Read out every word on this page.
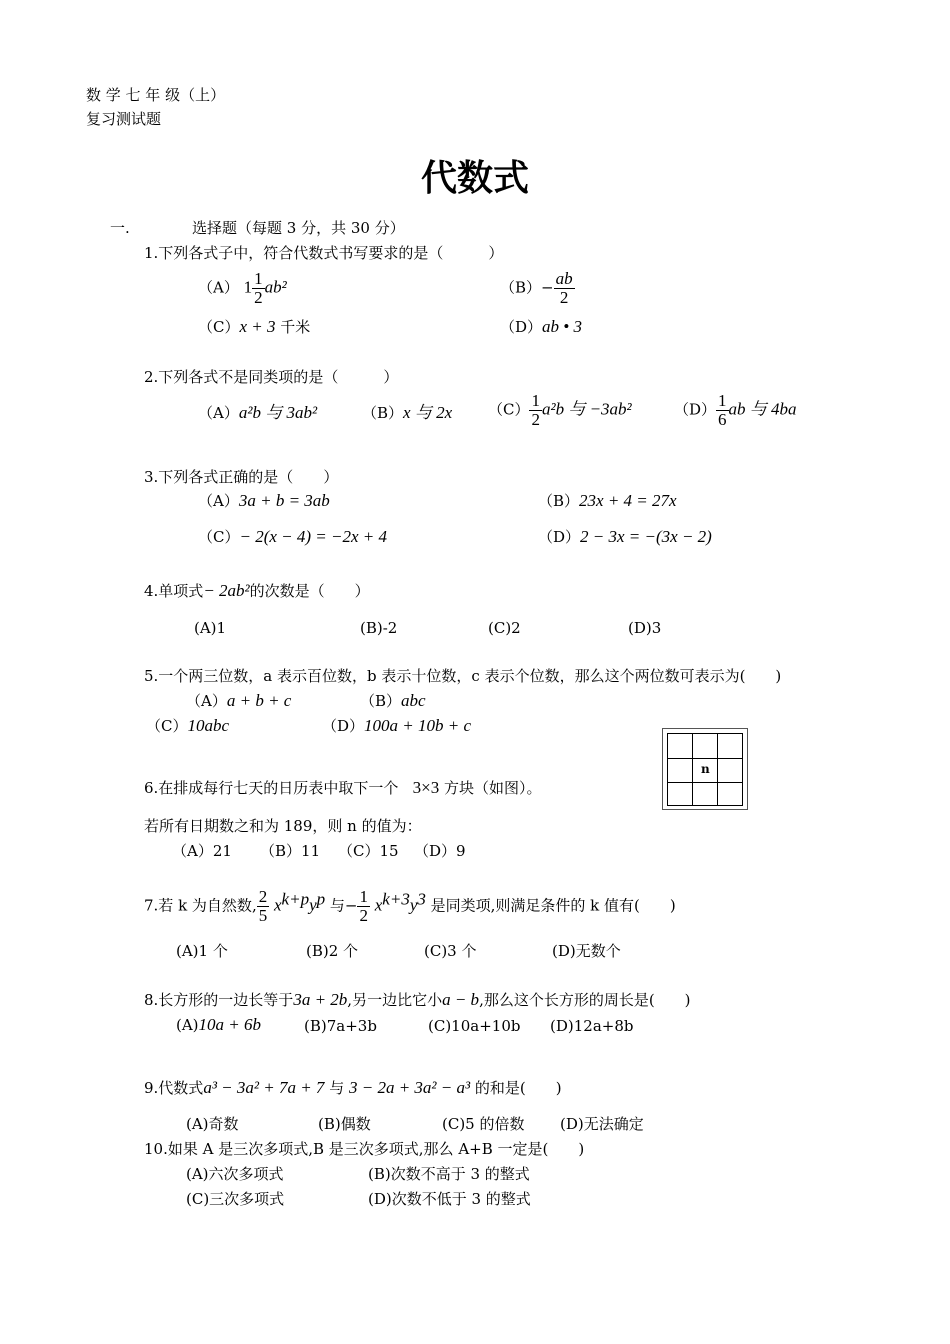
数 学 七 年 级（上）
复习测试题
代数式
一.	选择题（每题 3 分，共 30 分）
1.下列各式子中，符合代数式书写要求的是（　　　）
（A） $1 \frac{1}{2} ab^2$	$(B)- \frac{ab}{2}$
（C）x + 3 千米	（D）ab • 3
2.下列各式不是同类项的是（　　　）
（A）a²b 与 3ab²	（B）x 与 2x $(C) \frac{1}{2} a^2b$ 与 −3ab²	$(D) \frac{1}{6}$ ab 与 4ba
3.下列各式正确的是（　　）
（A）3a + b = 3ab	（B）23x + 4 = 27x
（C）− 2(x − 4) = −2x + 4	（D）2 − 3x = −(3x − 2)
4.单项式− 2ab²的次数是（　　）
(A)1	(B)-2	(C)2	(D)3
5.一个两三位数，a 表示百位数，b 表示十位数，c 表示个位数，那么这个两位数可表示为(　　)
（A）a + b + c	（B）abc
（C）10abc	（D）100a + 10b + c
6.在排成每行七天的日历表中取下一个 3×3 方块（如图）。
n
若所有日期数之和为 189，则 n 的值为：
（A）21 （B）11 （C）15 （D）9
7.若 k 为自然数, $\frac{2}{5} x^{k+p}y^p$ 与− $\frac{1}{2} x^{k+3}y^3$ 是同类项,则满足条件的 k 值有(　　)
(A)1 个	(B)2 个	(C)3 个	(D)无数个
8.长方形的一边长等于3a + 2b,另一边比它小a − b,那么这个长方形的周长是(　　)
(A)10a + 6b	(B)7a+3b	(C)10a+10b (D)12a+8b
9.代数式a³ − 3a² + 7a + 7 与 3 − 2a + 3a² − a³ 的和是(　　)
(A)奇数	(B)偶数	(C)5 的倍数 (D)无法确定
10.如果 A 是三次多项式,B 是三次多项式,那么 A+B 一定是(　　)
(A)六次多项式	(B)次数不高于 3 的整式
(C)三次多项式	(D)次数不低于 3 的整式
